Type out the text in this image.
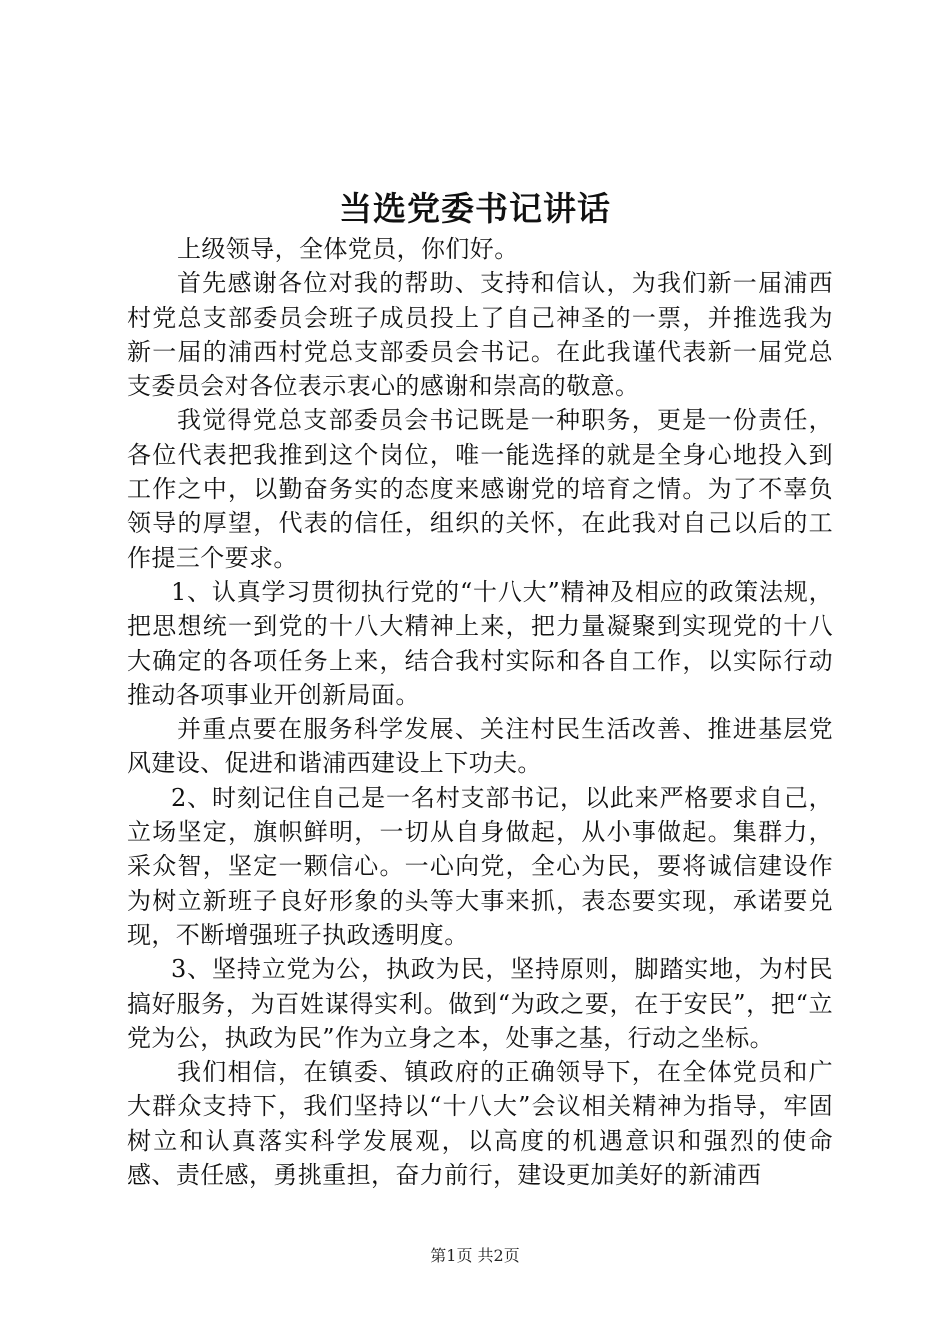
当选党委书记讲话

上级领导，全体党员，你们好。

首先感谢各位对我的帮助、支持和信认，为我们新一届浦西村党总支部委员会班子成员投上了自己神圣的一票，并推选我为新一届的浦西村党总支部委员会书记。在此我谨代表新一届党总支委员会对各位表示衷心的感谢和崇高的敬意。

我觉得党总支部委员会书记既是一种职务，更是一份责任，各位代表把我推到这个岗位，唯一能选择的就是全身心地投入到工作之中，以勤奋务实的态度来感谢党的培育之情。为了不辜负领导的厚望，代表的信任，组织的关怀，在此我对自己以后的工作提三个要求。

1、认真学习贯彻执行党的“十八大”精神及相应的政策法规，把思想统一到党的十八大精神上来，把力量凝聚到实现党的十八大确定的各项任务上来，结合我村实际和各自工作，以实际行动推动各项事业开创新局面。

并重点要在服务科学发展、关注村民生活改善、推进基层党风建设、促进和谐浦西建设上下功夫。

2、时刻记住自己是一名村支部书记，以此来严格要求自己，立场坚定，旗帜鲜明，一切从自身做起，从小事做起。集群力，采众智，坚定一颗信心。一心向党，全心为民，要将诚信建设作为树立新班子良好形象的头等大事来抓，表态要实现，承诺要兑现，不断增强班子执政透明度。

3、坚持立党为公，执政为民，坚持原则，脚踏实地，为村民搞好服务，为百姓谋得实利。做到“为政之要，在于安民”，把“立党为公，执政为民”作为立身之本，处事之基，行动之坐标。

我们相信，在镇委、镇政府的正确领导下，在全体党员和广大群众支持下，我们坚持以“十八大”会议相关精神为指导，牢固树立和认真落实科学发展观，以高度的机遇意识和强烈的使命感、责任感，勇挑重担，奋力前行，建设更加美好的新浦西

第1页 共2页
